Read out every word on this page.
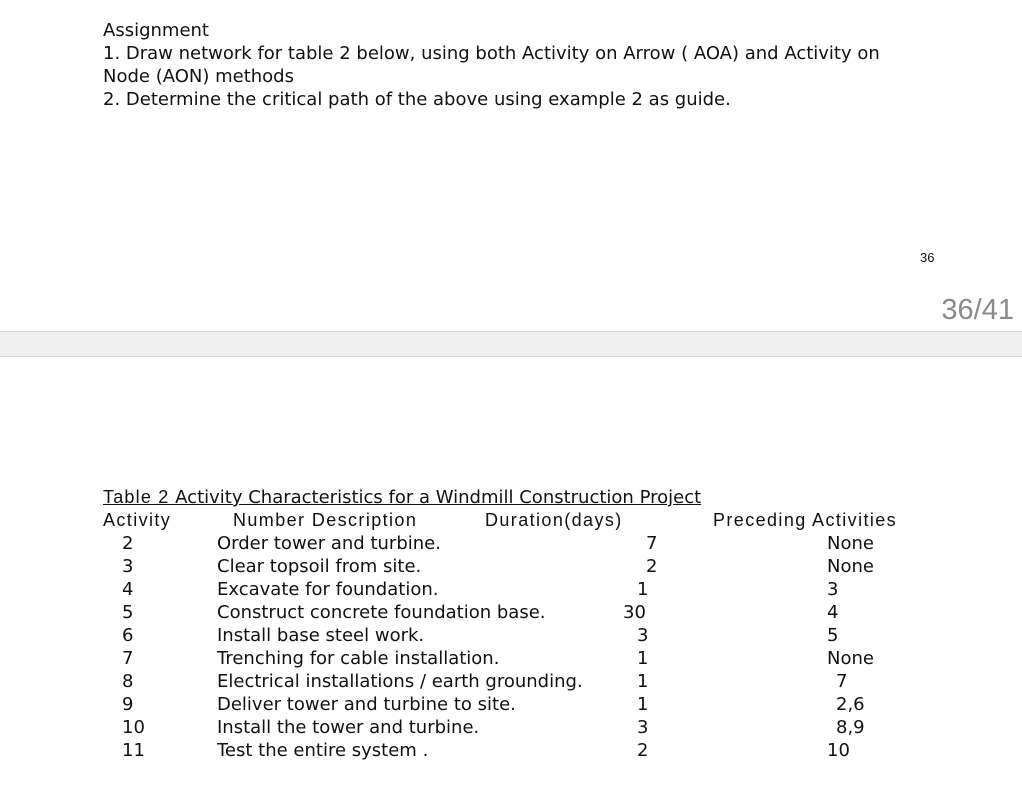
Assignment
1. Draw network for table 2 below, using both Activity on Arrow ( AOA) and Activity on
Node (AON) methods
2. Determine the critical path of the above using example 2 as guide.
36
36/41
Table 2 Activity Characteristics for a Windmill Construction Project
Activity	Number Description	Duration(days)	Preceding Activities
2	Order tower and turbine.	7	None
3	Clear topsoil from site.	2	None
4	Excavate for foundation.	1	3
5	Construct concrete foundation base.	30	4
6	Install base steel work.	3	5
7	Trenching for cable installation.	1	None
8	Electrical installations / earth grounding.	1	7
9	Deliver tower and turbine to site.	1	2,6
10	Install the tower and turbine.	3	8,9
11	Test the entire system .	2	10
